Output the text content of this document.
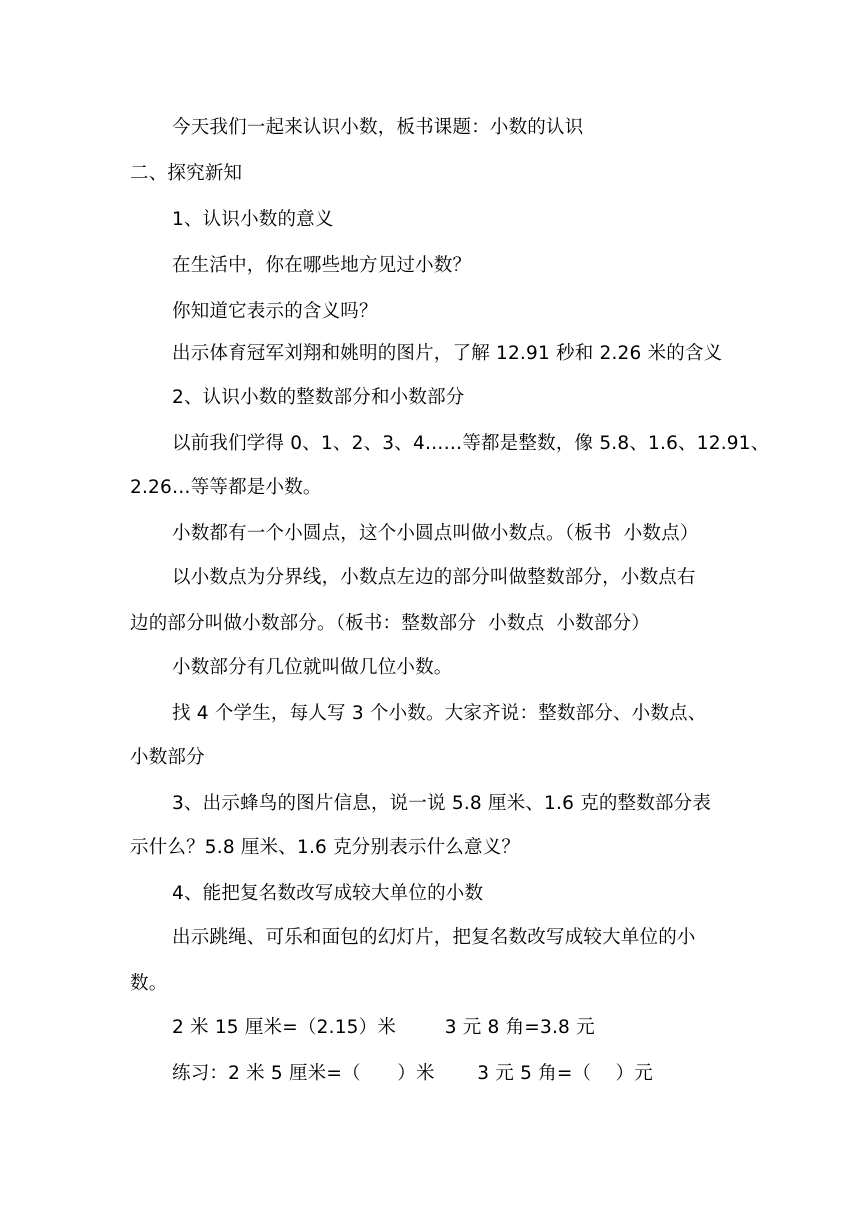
今天我们一起来认识小数，板书课题：小数的认识
二、探究新知
1、认识小数的意义
在生活中，你在哪些地方见过小数？
你知道它表示的含义吗？
出示体育冠军刘翔和姚明的图片，了解 12.91 秒和 2.26 米的含义
2、认识小数的整数部分和小数部分
以前我们学得 0、1、2、3、4……等都是整数，像 5.8、1.6、12.91、
2.26…等等都是小数。
小数都有一个小圆点，这个小圆点叫做小数点。（板书  小数点）
以小数点为分界线，小数点左边的部分叫做整数部分，小数点右
边的部分叫做小数部分。（板书：整数部分  小数点  小数部分）
小数部分有几位就叫做几位小数。
找 4 个学生，每人写 3 个小数。大家齐说：整数部分、小数点、
小数部分
3、出示蜂鸟的图片信息，说一说 5.8 厘米、1.6 克的整数部分表
示什么？5.8 厘米、1.6 克分别表示什么意义？
4、能把复名数改写成较大单位的小数
出示跳绳、可乐和面包的幻灯片，把复名数改写成较大单位的小
数。
2 米 15 厘米=（2.15）米        3 元 8 角=3.8 元
练习：2 米 5 厘米=（      ）米       3 元 5 角=（    ）元
